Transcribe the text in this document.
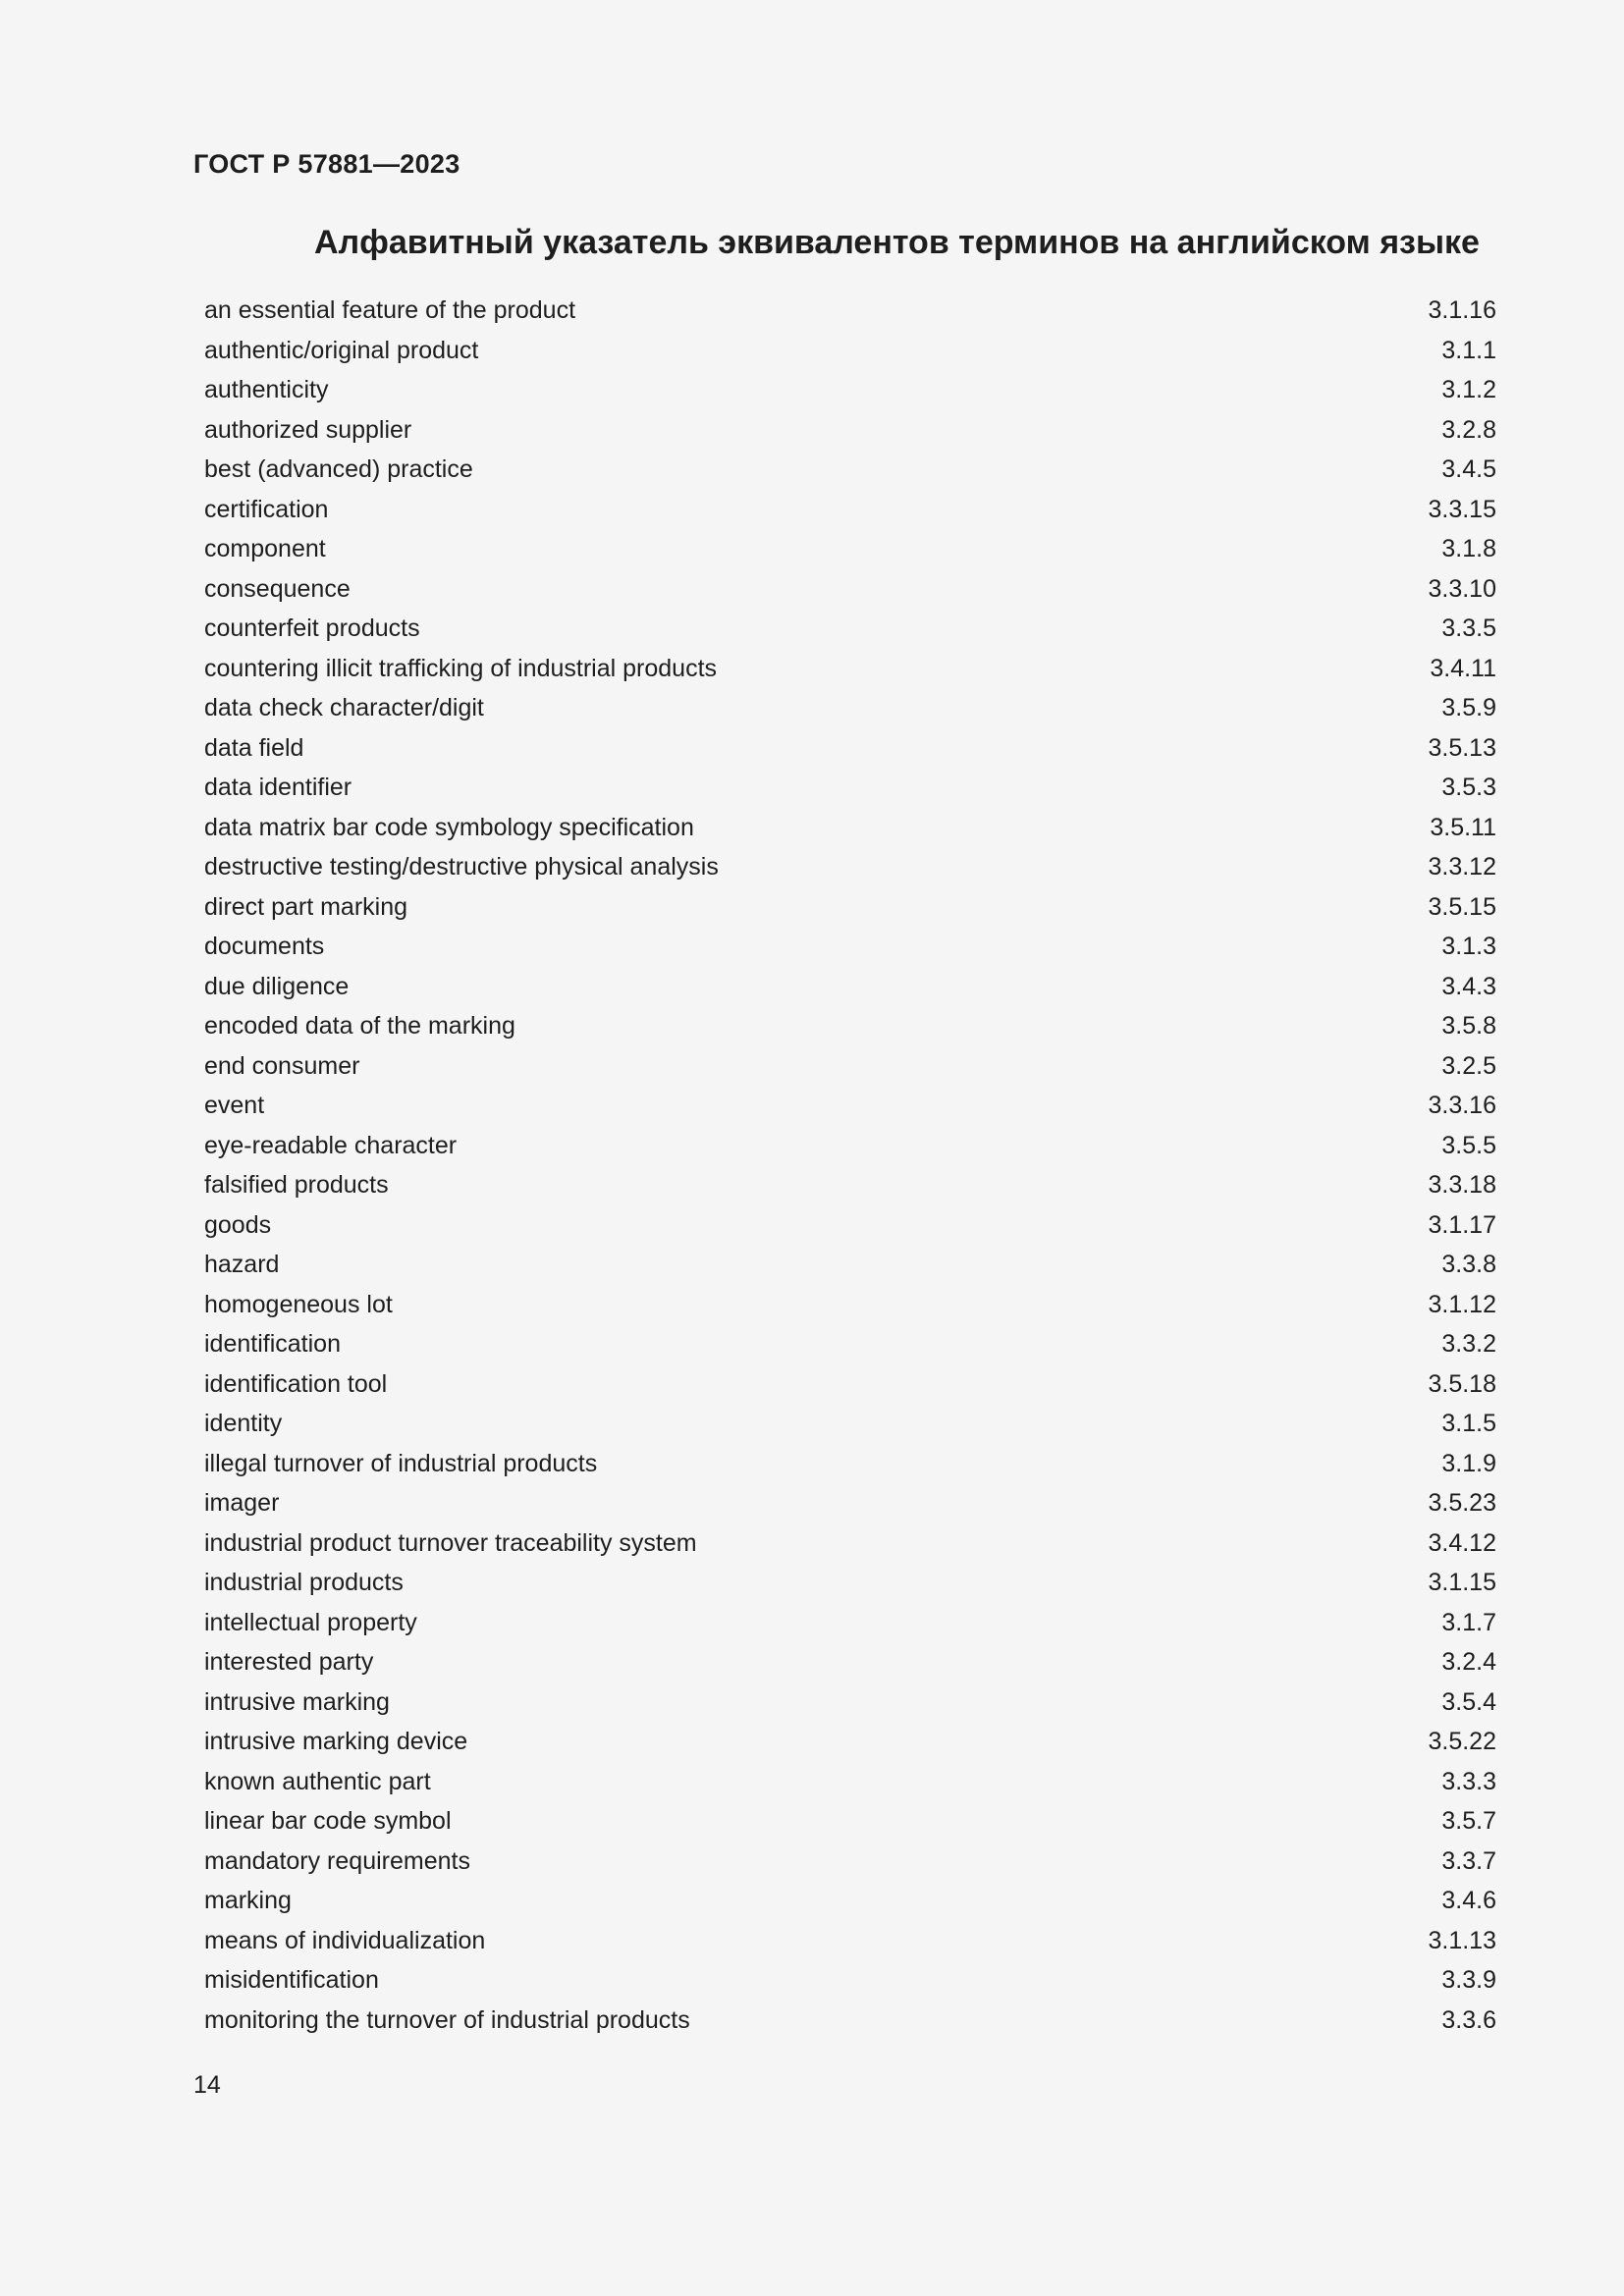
ГОСТ Р 57881—2023
Алфавитный указатель эквивалентов терминов на английском языке
an essential feature of the product	3.1.16
authentic/original product	3.1.1
authenticity	3.1.2
authorized supplier	3.2.8
best (advanced) practice	3.4.5
certification	3.3.15
component	3.1.8
consequence	3.3.10
counterfeit products	3.3.5
countering illicit trafficking of industrial products	3.4.11
data check character/digit	3.5.9
data field	3.5.13
data identifier	3.5.3
data matrix bar code symbology specification	3.5.11
destructive testing/destructive physical analysis	3.3.12
direct part marking	3.5.15
documents	3.1.3
due diligence	3.4.3
encoded data of the marking	3.5.8
end consumer	3.2.5
event	3.3.16
eye-readable character	3.5.5
falsified products	3.3.18
goods	3.1.17
hazard	3.3.8
homogeneous lot	3.1.12
identification	3.3.2
identification tool	3.5.18
identity	3.1.5
illegal turnover of industrial products	3.1.9
imager	3.5.23
industrial product turnover traceability system	3.4.12
industrial products	3.1.15
intellectual property	3.1.7
interested party	3.2.4
intrusive marking	3.5.4
intrusive marking device	3.5.22
known authentic part	3.3.3
linear bar code symbol	3.5.7
mandatory requirements	3.3.7
marking	3.4.6
means of individualization	3.1.13
misidentification	3.3.9
monitoring the turnover of industrial products	3.3.6
14
